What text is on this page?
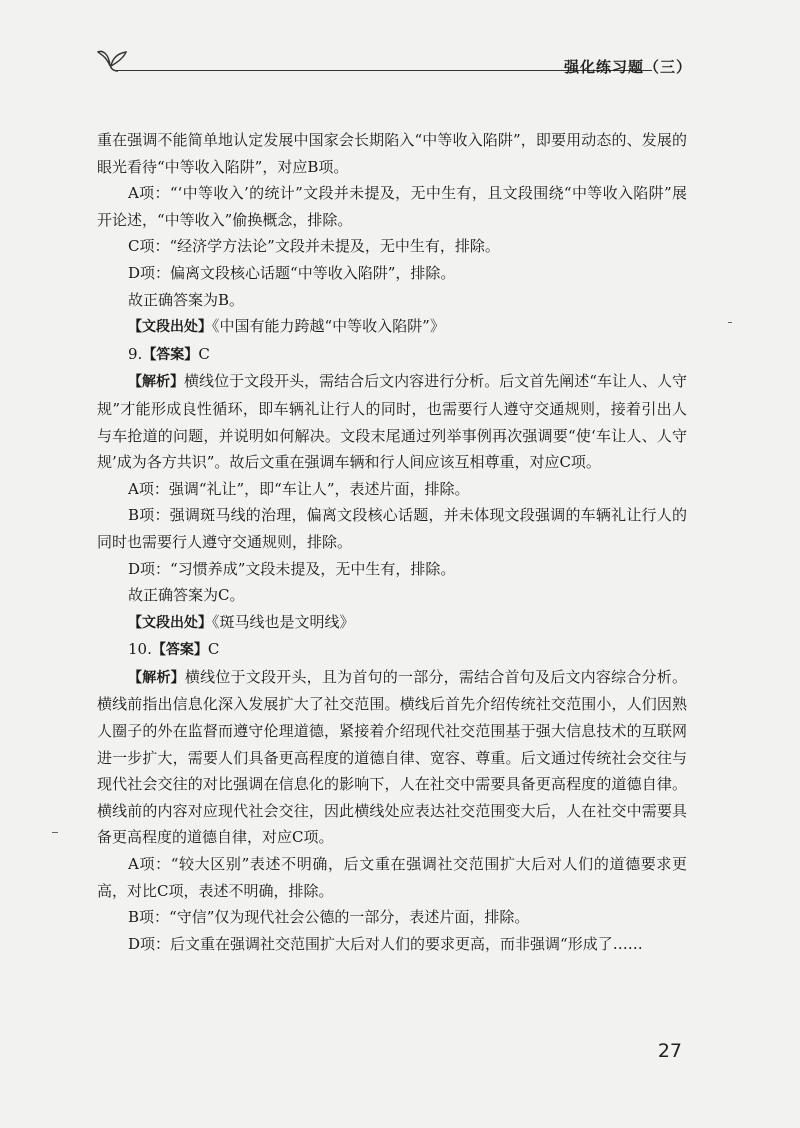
强化练习题（三）

重在强调不能简单地认定发展中国家会长期陷入“中等收入陷阱”，即要用动态的、发展的眼光看待“中等收入陷阱”，对应B项。

A项：“‘中等收入’的统计”文段并未提及，无中生有，且文段围绕“中等收入陷阱”展开论述，“中等收入”偷换概念，排除。

C项：“经济学方法论”文段并未提及，无中生有，排除。

D项：偏离文段核心话题“中等收入陷阱”，排除。

故正确答案为B。

【文段出处】《中国有能力跨越“中等收入陷阱”》

9.【答案】C

【解析】横线位于文段开头，需结合后文内容进行分析。后文首先阐述“车让人、人守规”才能形成良性循环，即车辆礼让行人的同时，也需要行人遵守交通规则，接着引出人与车抢道的问题，并说明如何解决。文段末尾通过列举事例再次强调要“使‘车让人、人守规’成为各方共识”。故后文重在强调车辆和行人间应该互相尊重，对应C项。

A项：强调“礼让”，即“车让人”，表述片面，排除。

B项：强调斑马线的治理，偏离文段核心话题，并未体现文段强调的车辆礼让行人的同时也需要行人遵守交通规则，排除。

D项：“习惯养成”文段未提及，无中生有，排除。

故正确答案为C。

【文段出处】《斑马线也是文明线》

10.【答案】C

【解析】横线位于文段开头，且为首句的一部分，需结合首句及后文内容综合分析。横线前指出信息化深入发展扩大了社交范围。横线后首先介绍传统社交范围小，人们因熟人圈子的外在监督而遵守伦理道德，紧接着介绍现代社交范围基于强大信息技术的互联网进一步扩大，需要人们具备更高程度的道德自律、宽容、尊重。后文通过传统社会交往与现代社会交往的对比强调在信息化的影响下，人在社交中需要具备更高程度的道德自律。横线前的内容对应现代社会交往，因此横线处应表达社交范围变大后，人在社交中需要具备更高程度的道德自律，对应C项。

A项：“较大区别”表述不明确，后文重在强调社交范围扩大后对人们的道德要求更高，对比C项，表述不明确，排除。

B项：“守信”仅为现代社会公德的一部分，表述片面，排除。

D项：后文重在强调社交范围扩大后对人们的要求更高，而非强调“形成了……

27
